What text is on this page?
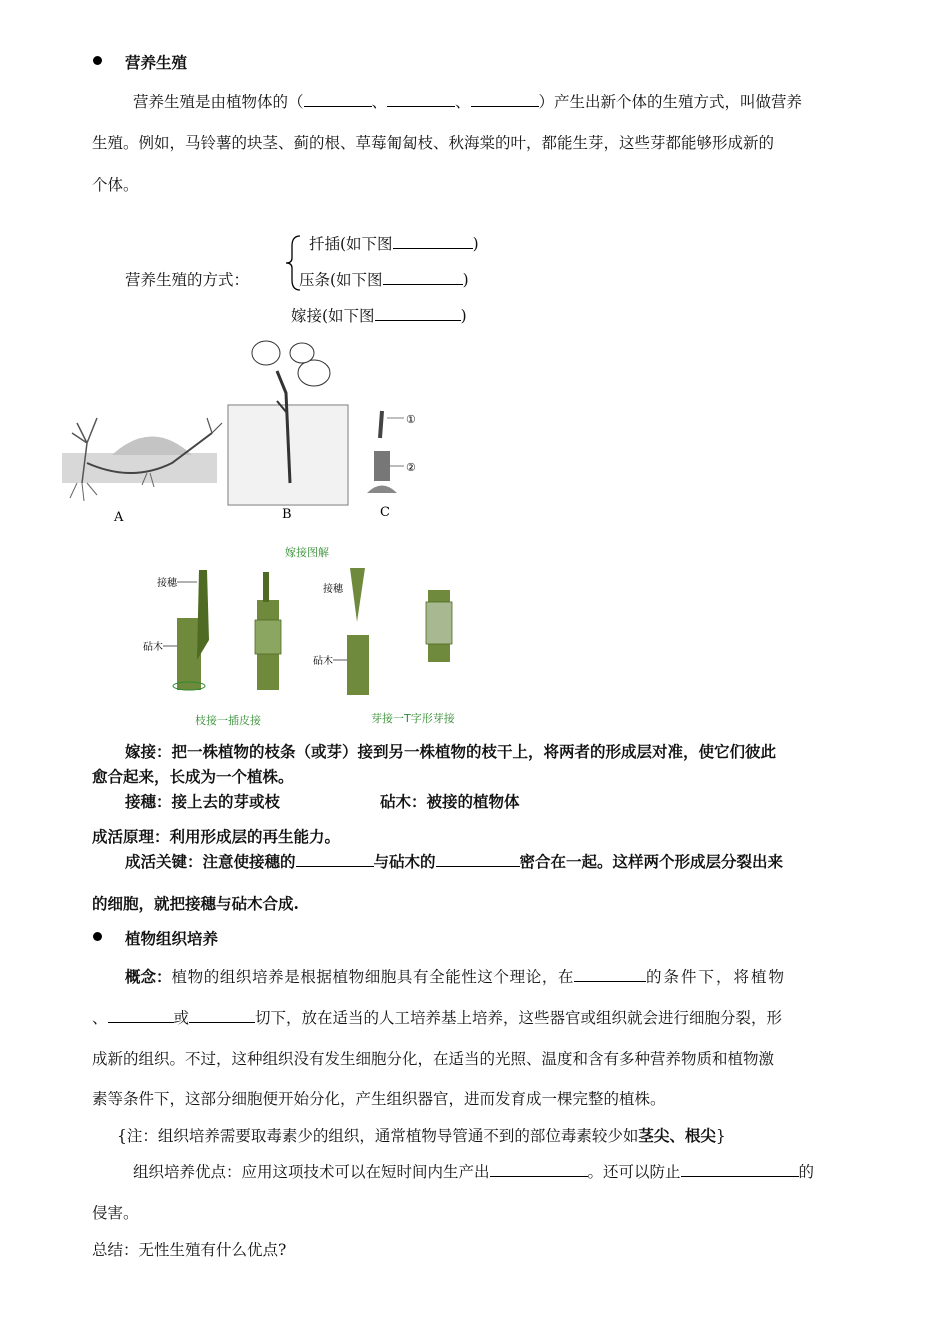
营养生殖
营养生殖是由植物体的（	、	、	）产生出新个体的生殖方式，叫做营养
生殖。例如，马铃薯的块茎、蓟的根、草莓匍匐枝、秋海棠的叶，都能生芽，这些芽都能够形成新的
个体。
营养生殖的方式：
扦插(如下图	)
压条(如下图	)
嫁接(如下图	)
A	B
①
②
C
嫁接图解
接穗
砧木
接穗
砧木
枝接一插皮接	芽接一T字形芽接
嫁接：把一株植物的枝条（或芽）接到另一株植物的枝干上，将两者的形成层对准，使它们彼此
愈合起来，长成为一个植株。
接穗：接上去的芽或枝	砧木：被接的植物体
成活原理：利用形成层的再生能力。
成活关键：注意使接穗的	与砧木的	密合在一起。这样两个形成层分裂出来
的细胞，就把接穗与砧木合成.
植物组织培养
概念：植物的组织培养是根据植物细胞具有全能性这个理论，在	的条件下，将植物
、	或	切下，放在适当的人工培养基上培养，这些器官或组织就会进行细胞分裂，形
成新的组织。不过，这种组织没有发生细胞分化，在适当的光照、温度和含有多种营养物质和植物激
素等条件下，这部分细胞便开始分化，产生组织器官，进而发育成一棵完整的植株。
{注：组织培养需要取毒素少的组织，通常植物导管通不到的部位毒素较少如茎尖、根尖}
组织培养优点：应用这项技术可以在短时间内生产出	。还可以防止	的
侵害。
总结：无性生殖有什么优点?
